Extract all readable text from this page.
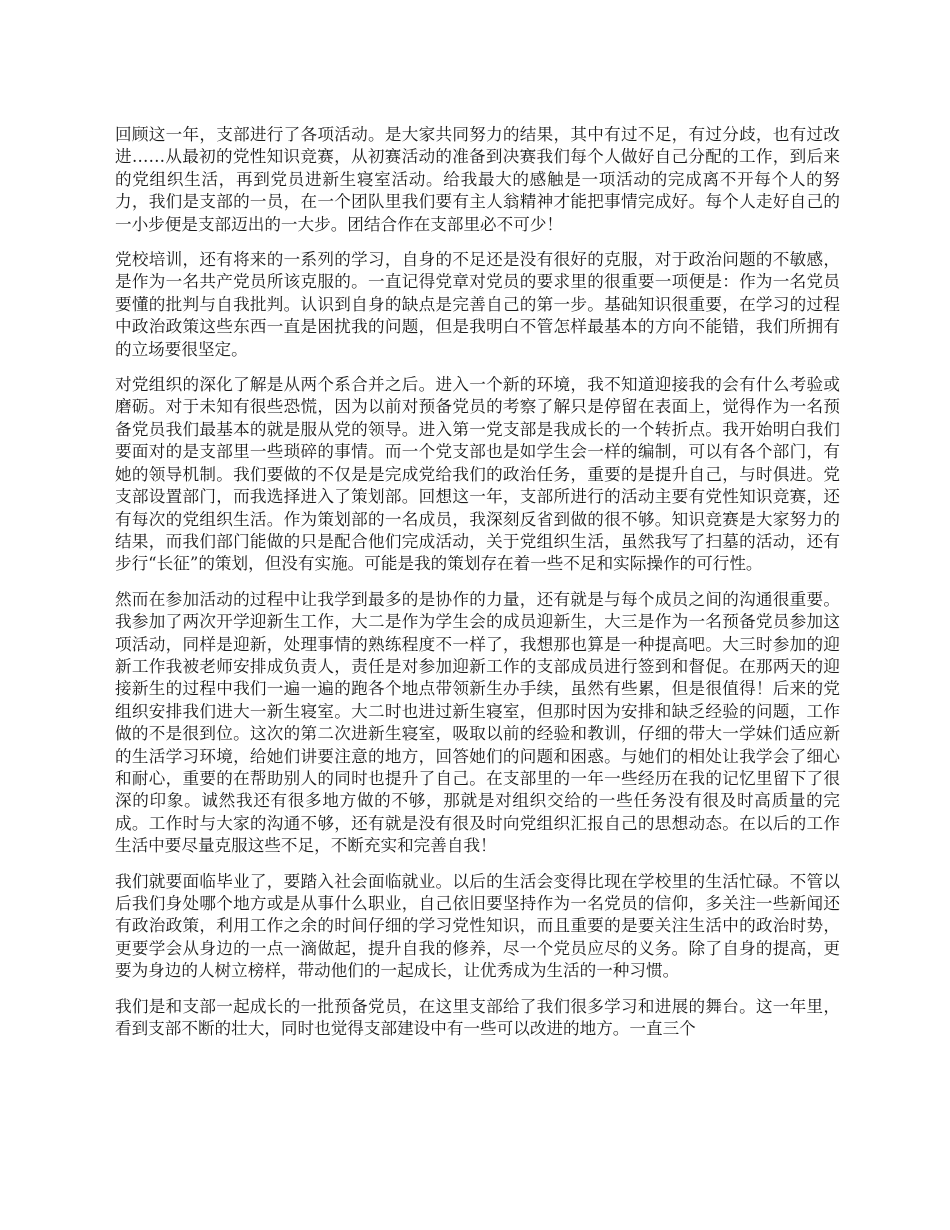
回顾这一年，支部进行了各项活动。是大家共同努力的结果，其中有过不足，有过分歧，也有过改进……从最初的党性知识竞赛，从初赛活动的准备到决赛我们每个人做好自己分配的工作，到后来的党组织生活，再到党员进新生寝室活动。给我最大的感触是一项活动的完成离不开每个人的努力，我们是支部的一员，在一个团队里我们要有主人翁精神才能把事情完成好。每个人走好自己的一小步便是支部迈出的一大步。团结合作在支部里必不可少！

党校培训，还有将来的一系列的学习，自身的不足还是没有很好的克服，对于政治问题的不敏感，是作为一名共产党员所该克服的。一直记得党章对党员的要求里的很重要一项便是：作为一名党员要懂的批判与自我批判。认识到自身的缺点是完善自己的第一步。基础知识很重要，在学习的过程中政治政策这些东西一直是困扰我的问题，但是我明白不管怎样最基本的方向不能错，我们所拥有的立场要很坚定。

对党组织的深化了解是从两个系合并之后。进入一个新的环境，我不知道迎接我的会有什么考验或磨砺。对于未知有很些恐慌，因为以前对预备党员的考察了解只是停留在表面上，觉得作为一名预备党员我们最基本的就是服从党的领导。进入第一党支部是我成长的一个转折点。我开始明白我们要面对的是支部里一些琐碎的事情。而一个党支部也是如学生会一样的编制，可以有各个部门，有她的领导机制。我们要做的不仅是是完成党给我们的政治任务，重要的是提升自己，与时俱进。党支部设置部门，而我选择进入了策划部。回想这一年，支部所进行的活动主要有党性知识竞赛，还有每次的党组织生活。作为策划部的一名成员，我深刻反省到做的很不够。知识竞赛是大家努力的结果，而我们部门能做的只是配合他们完成活动，关于党组织生活，虽然我写了扫墓的活动，还有步行“长征”的策划，但没有实施。可能是我的策划存在着一些不足和实际操作的可行性。

然而在参加活动的过程中让我学到最多的是协作的力量，还有就是与每个成员之间的沟通很重要。我参加了两次开学迎新生工作，大二是作为学生会的成员迎新生，大三是作为一名预备党员参加这项活动，同样是迎新，处理事情的熟练程度不一样了，我想那也算是一种提高吧。大三时参加的迎新工作我被老师安排成负责人，责任是对参加迎新工作的支部成员进行签到和督促。在那两天的迎接新生的过程中我们一遍一遍的跑各个地点带领新生办手续，虽然有些累，但是很值得！后来的党组织安排我们进大一新生寝室。大二时也进过新生寝室，但那时因为安排和缺乏经验的问题，工作做的不是很到位。这次的第二次进新生寝室，吸取以前的经验和教训，仔细的带大一学妹们适应新的生活学习环境，给她们讲要注意的地方，回答她们的问题和困惑。与她们的相处让我学会了细心和耐心，重要的在帮助别人的同时也提升了自己。在支部里的一年一些经历在我的记忆里留下了很深的印象。诚然我还有很多地方做的不够，那就是对组织交给的一些任务没有很及时高质量的完成。工作时与大家的沟通不够，还有就是没有很及时向党组织汇报自己的思想动态。在以后的工作生活中要尽量克服这些不足，不断充实和完善自我！

我们就要面临毕业了，要踏入社会面临就业。以后的生活会变得比现在学校里的生活忙碌。不管以后我们身处哪个地方或是从事什么职业，自己依旧要坚持作为一名党员的信仰，多关注一些新闻还有政治政策，利用工作之余的时间仔细的学习党性知识，而且重要的是要关注生活中的政治时势，更要学会从身边的一点一滴做起，提升自我的修养，尽一个党员应尽的义务。除了自身的提高，更要为身边的人树立榜样，带动他们的一起成长，让优秀成为生活的一种习惯。

我们是和支部一起成长的一批预备党员，在这里支部给了我们很多学习和进展的舞台。这一年里，看到支部不断的壮大，同时也觉得支部建设中有一些可以改进的地方。一直三个
